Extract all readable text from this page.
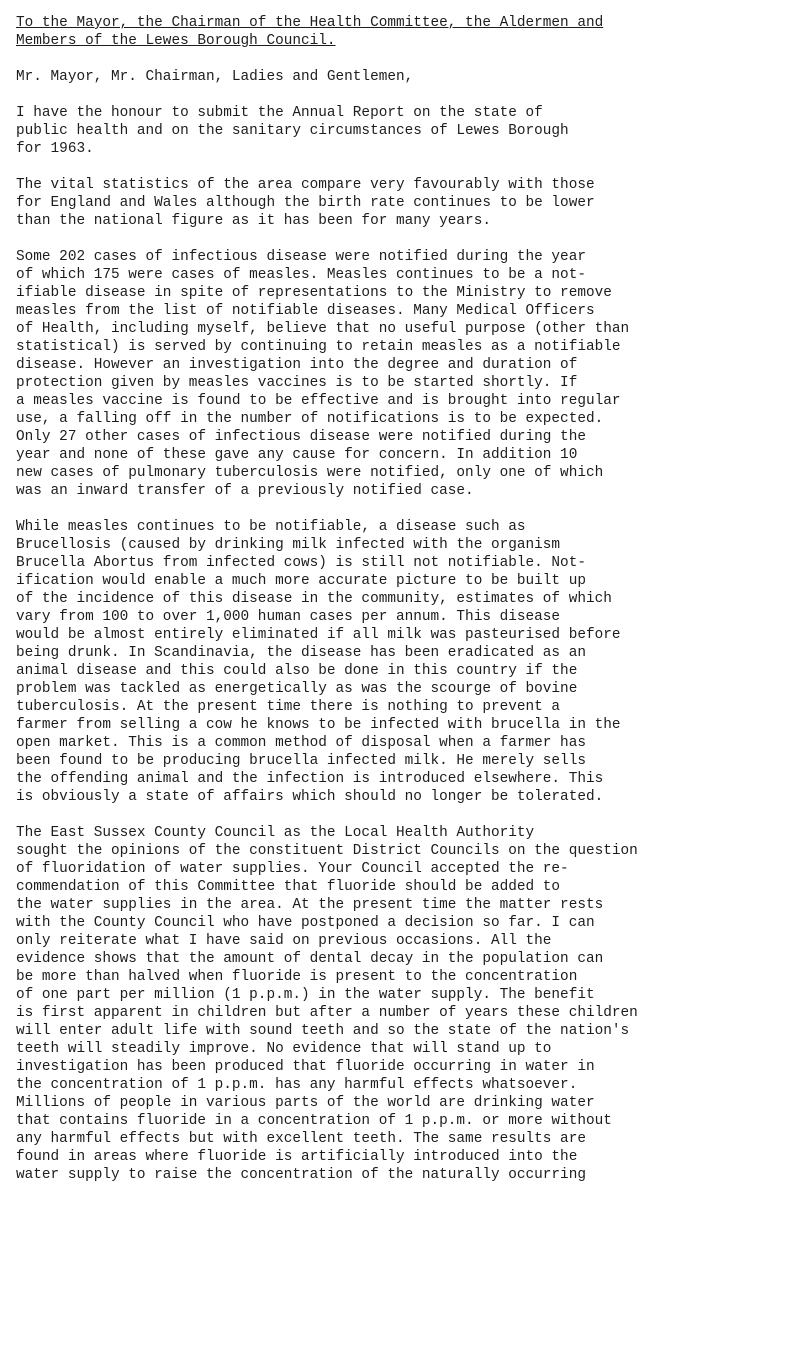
To the Mayor, the Chairman of the Health Committee, the Aldermen and
Members of the Lewes Borough Council.
Mr. Mayor, Mr. Chairman, Ladies and Gentlemen,
I have the honour to submit the Annual Report on the state of
public health and on the sanitary circumstances of Lewes Borough
for 1963.
The vital statistics of the area compare very favourably with those
for England and Wales although the birth rate continues to be lower
than the national figure as it has been for many years.
Some 202 cases of infectious disease were notified during the year
of which 175 were cases of measles. Measles continues to be a not-
ifiable disease in spite of representations to the Ministry to remove
measles from the list of notifiable diseases. Many Medical Officers
of Health, including myself, believe that no useful purpose (other than
statistical) is served by continuing to retain measles as a notifiable
disease. However an investigation into the degree and duration of
protection given by measles vaccines is to be started shortly. If
a measles vaccine is found to be effective and is brought into regular
use, a falling off in the number of notifications is to be expected.
Only 27 other cases of infectious disease were notified during the
year and none of these gave any cause for concern. In addition 10
new cases of pulmonary tuberculosis were notified, only one of which
was an inward transfer of a previously notified case.
While measles continues to be notifiable, a disease such as
Brucellosis (caused by drinking milk infected with the organism
Brucella Abortus from infected cows) is still not notifiable. Not-
ification would enable a much more accurate picture to be built up
of the incidence of this disease in the community, estimates of which
vary from 100 to over 1,000 human cases per annum. This disease
would be almost entirely eliminated if all milk was pasteurised before
being drunk. In Scandinavia, the disease has been eradicated as an
animal disease and this could also be done in this country if the
problem was tackled as energetically as was the scourge of bovine
tuberculosis. At the present time there is nothing to prevent a
farmer from selling a cow he knows to be infected with brucella in the
open market. This is a common method of disposal when a farmer has
been found to be producing brucella infected milk. He merely sells
the offending animal and the infection is introduced elsewhere. This
is obviously a state of affairs which should no longer be tolerated.
The East Sussex County Council as the Local Health Authority
sought the opinions of the constituent District Councils on the question
of fluoridation of water supplies. Your Council accepted the re-
commendation of this Committee that fluoride should be added to
the water supplies in the area. At the present time the matter rests
with the County Council who have postponed a decision so far. I can
only reiterate what I have said on previous occasions. All the
evidence shows that the amount of dental decay in the population can
be more than halved when fluoride is present to the concentration
of one part per million (1 p.p.m.) in the water supply. The benefit
is first apparent in children but after a number of years these children
will enter adult life with sound teeth and so the state of the nation's
teeth will steadily improve. No evidence that will stand up to
investigation has been produced that fluoride occurring in water in
the concentration of 1 p.p.m. has any harmful effects whatsoever.
Millions of people in various parts of the world are drinking water
that contains fluoride in a concentration of 1 p.p.m. or more without
any harmful effects but with excellent teeth. The same results are
found in areas where fluoride is artificially introduced into the
water supply to raise the concentration of the naturally occurring
